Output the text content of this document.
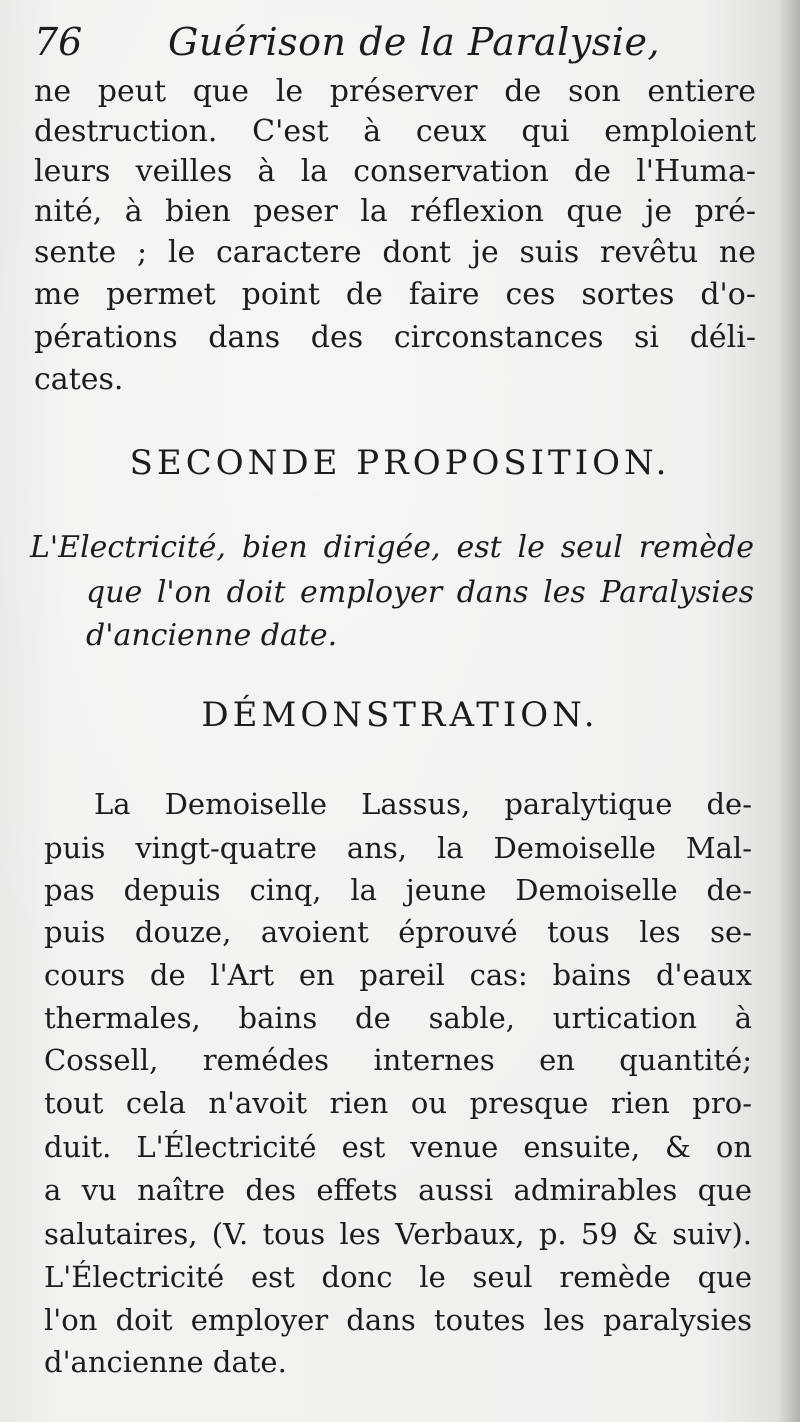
76 Guérison de la Paralysie,
ne peut que le préserver de son entiere
destruction. C'est à ceux qui emploient
leurs veilles à la conservation de l'Huma-
nité, à bien peser la réflexion que je pré-
sente ; le caractere dont je suis revêtu ne
me permet point de faire ces sortes d'o-
pérations dans des circonstances si déli-
cates.
SECONDE PROPOSITION.
L'Electricité, bien dirigée, est le seul remède
que l'on doit employer dans les Paralysies
d'ancienne date.
DÉMONSTRATION.
La Demoiselle Lassus, paralytique de-
puis vingt-quatre ans, la Demoiselle Mal-
pas depuis cinq, la jeune Demoiselle de-
puis douze, avoient éprouvé tous les se-
cours de l'Art en pareil cas: bains d'eaux
thermales, bains de sable, urtication à
Cossell, remédes internes en quantité;
tout cela n'avoit rien ou presque rien pro-
duit. L'Électricité est venue ensuite, & on
a vu naître des effets aussi admirables que
salutaires, (V. tous les Verbaux, p. 59 & suiv).
L'Électricité est donc le seul remède que
l'on doit employer dans toutes les paralysies
d'ancienne date.
